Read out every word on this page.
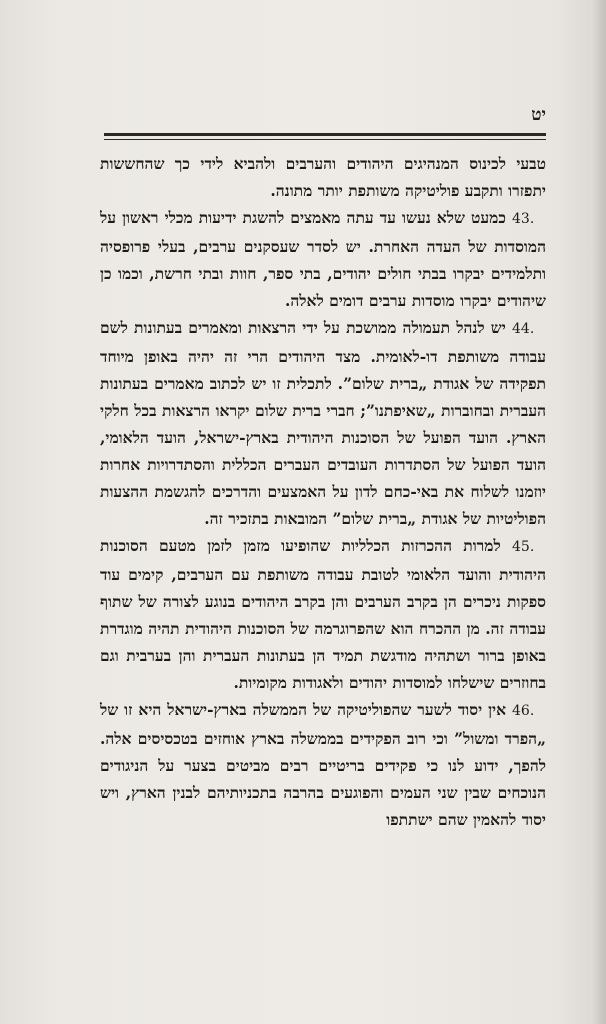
יט

טבעי לכינוס המנהיגים היהודים והערבים ולהביא לידי כך שהחששות יתפזרו ותקבע פוליטיקה משותפת יותר מתונה.

43. כמעט שלא נעשו עד עתה מאמצים להשגת ידיעות מכלי ראשון על המוסדות של העדה האחרת. יש לסדר שעסקנים ערבים, בעלי פרופסיה ותלמידים יבקרו בבתי חולים יהודים, בתי ספר, חוות ובתי חרשת, וכמו כן שיהודים יבקרו מוסדות ערבים דומים לאלה.

44. יש לנהל תעמולה ממושכת על ידי הרצאות ומאמרים בעתונות לשם עבודה משותפת דו-לאומית. מצד היהודים הרי זה יהיה באופן מיוחד תפקידה של אגודת „ברית שלום”. לתכלית זו יש לכתוב מאמרים בעתונות העברית ובחוברות „שאיפתנו”; חברי ברית שלום יקראו הרצאות בכל חלקי הארץ. הועד הפועל של הסוכנות היהודית בארץ-ישראל, הועד הלאומי, הועד הפועל של הסתדרות העובדים העברים הכללית והסתדרויות אחרות יוזמנו לשלוח את באי-כחם לדון על האמצעים והדרכים להגשמת ההצעות הפוליטיות של אגודת „ברית שלום” המובאות בתזכיר זה.

45. למרות ההכרזות הכלליות שהופיעו מזמן לזמן מטעם הסוכנות היהודית והועד הלאומי לטובת עבודה משותפת עם הערבים, קימים עוד ספקות ניכרים הן בקרב הערבים והן בקרב היהודים בנוגע לצורה של שתוף עבודה זה. מן ההכרח הוא שהפרוגרמה של הסוכנות היהודית תהיה מוגדרת באופן ברור ושתהיה מודגשת תמיד הן בעתונות העברית והן בערבית וגם בחוזרים שישלחו למוסדות יהודים ולאגודות מקומיות.

46. אין יסוד לשער שהפוליטיקה של הממשלה בארץ-ישראל היא זו של „הפרד ומשול” וכי רוב הפקידים בממשלה בארץ אוחזים בטכסיסים אלה. להפך, ידוע לנו כי פקידים בריטיים רבים מביטים בצער על הניגודים הנוכחים שבין שני העמים והפוגעים בהרבה בתכניותיהם לבנין הארץ, ויש יסוד להאמין שהם ישתתפו
